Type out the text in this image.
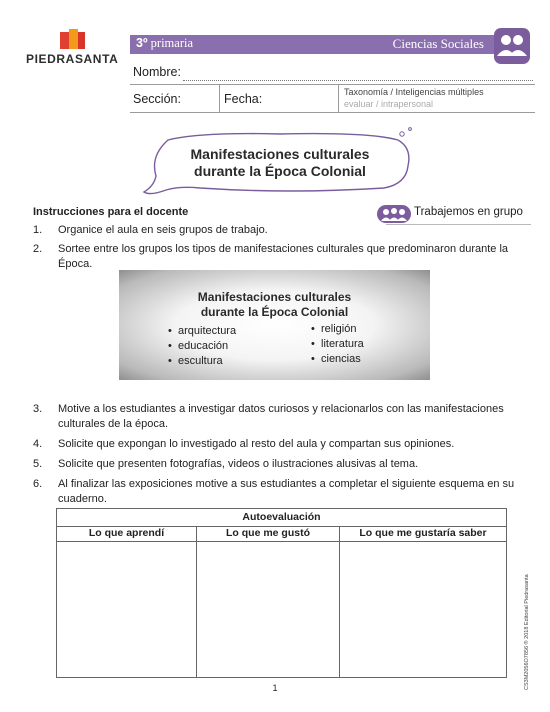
PIEDRASANTA
3º primaria	Ciencias Sociales
Nombre:
Sección:	Fecha:	Taxonomía / Inteligencias múltiples
evaluar / intrapersonal
Manifestaciones culturales
durante la Época Colonial
Instrucciones para el docente	Trabajemos en grupo
1.	Organice el aula en seis grupos de trabajo.
2.	Sortee entre los grupos los tipos de manifestaciones culturales que predominaron durante la
Época.
Manifestaciones culturales
durante la Época Colonial
• arquitectura
• educación
• escultura
• religión
• literatura
• ciencias
3.	Motive a los estudiantes a investigar datos curiosos y relacionarlos con las manifestaciones
culturales de la época.
4.	Solicite que expongan lo investigado al resto del aula y compartan sus opiniones.
5.	Solicite que presenten fotografías, videos o ilustraciones alusivas al tema.
6.	Al finalizar las exposiciones motive a sus estudiantes a completar el siguiente esquema en su
cuaderno.
Autoevaluación
Lo que aprendí	Lo que me gustó	Lo que me gustaría saber
CS3M2056O7856 ® 2018 Editorial Piedrasanta
1
